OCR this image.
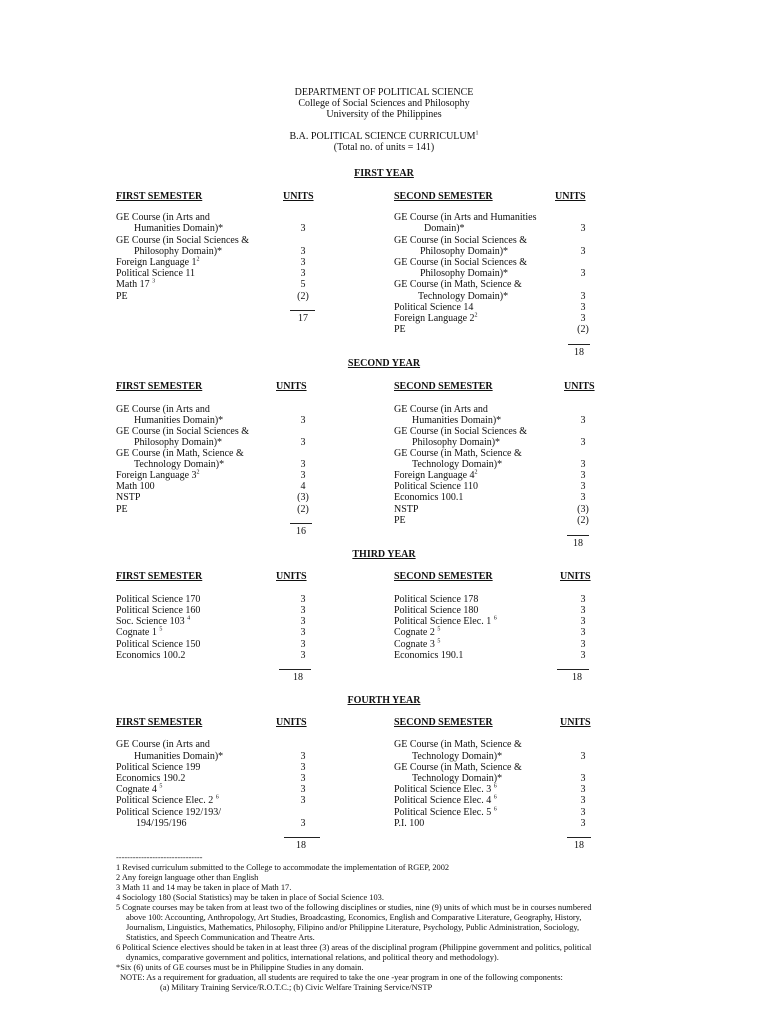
DEPARTMENT OF POLITICAL SCIENCE
College of Social Sciences and Philosophy
University of the Philippines
B.A. POLITICAL SCIENCE CURRICULUM$^1$
(Total no. of units = 141)
FIRST YEAR
FIRST SEMESTER	UNITS	SECOND SEMESTER	UNITS
GE Course (in Arts and
Humanities Domain)*	3
GE Course (in Social Sciences &
Philosophy Domain)*	3
Foreign Language $1^2$	3
Political Science 11	3
Math 17 $^3$	5
PE	(2)
17
GE Course (in Arts and Humanities
Domain)*	3
GE Course (in Social Sciences &
Philosophy Domain)*	3
GE Course (in Social Sciences &
Philosophy Domain)*	3
GE Course (in Math, Science &
Technology Domain)*	3
Political Science 14	3
Foreign Language $2^2$	3
PE	(2)
18
SECOND YEAR
FIRST SEMESTER	UNITS	SECOND SEMESTER	UNITS
GE Course (in Arts and
Humanities Domain)*	3
GE Course (in Social Sciences &
Philosophy Domain)*	3
GE Course (in Math, Science &
Technology Domain)*	3
Foreign Language $3^2$	3
Math 100	4
NSTP	(3)
PE	(2)
16
GE Course (in Arts and
Humanities Domain)*	3
GE Course (in Social Sciences &
Philosophy Domain)*	3
GE Course (in Math, Science &
Technology Domain)*	3
Foreign Language $4^2$	3
Political Science 110	3
Economics 100.1	3
NSTP	(3)
PE	(2)
18
THIRD YEAR
FIRST SEMESTER	UNITS	SECOND SEMESTER	UNITS
Political Science 170	3
Political Science 160	3
Soc. Science 103 $^4$	3
Cognate 1 $^5$	3
Political Science 150	3
Economics 100.2	3
18
Political Science 178	3
Political Science 180	3
Political Science Elec. 1 $^6$	3
Cognate 2 $^5$	3
Cognate 3 $^5$	3
Economics 190.1	3
18
FOURTH YEAR
FIRST SEMESTER	UNITS	SECOND SEMESTER	UNITS
GE Course (in Arts and
Humanities Domain)*	3
Political Science 199	3
Economics 190.2	3
Cognate 4 $^5$	3
Political Science Elec. 2 $^6$	3
Political Science 192/193/
194/195/196	3
18
GE Course (in Math, Science &
Technology Domain)*	3
GE Course (in Math, Science &
Technology Domain)*	3
Political Science Elec. 3 $^6$	3
Political Science Elec. 4 $^6$	3
Political Science Elec. 5 $^6$	3
P.I. 100	3
18
-------------------------------
1 Revised curriculum submitted to the College to accommodate the implementation of RGEP, 2002
2 Any foreign language other than English
3 Math 11 and 14 may be taken in place of Math 17.
4 Sociology 180 (Social Statistics) may be taken in place of Social Science 103.
5 Cognate courses may be taken from at least two of the following disciplines or studies, nine (9) units of which must be in courses numbered
above 100: Accounting, Anthropology, Art Studies, Broadcasting, Economics, English and Comparative Literature, Geography, History,
Journalism, Linguistics, Mathematics, Philosophy, Filipino and/or Philippine Literature, Psychology, Public Administration, Sociology,
Statistics, and Speech Communication and Theatre Arts.
6 Political Science electives should be taken in at least three (3) areas of the disciplinal program (Philippine government and politics, political
dynamics, comparative government and politics, international relations, and political theory and methodology).
*Six (6) units of GE courses must be in Philippine Studies in any domain.
NOTE: As a requirement for graduation, all students are required to take the one -year program in one of the following components:
(a) Military Training Service/R.O.T.C.; (b) Civic Welfare Training Service/NSTP
